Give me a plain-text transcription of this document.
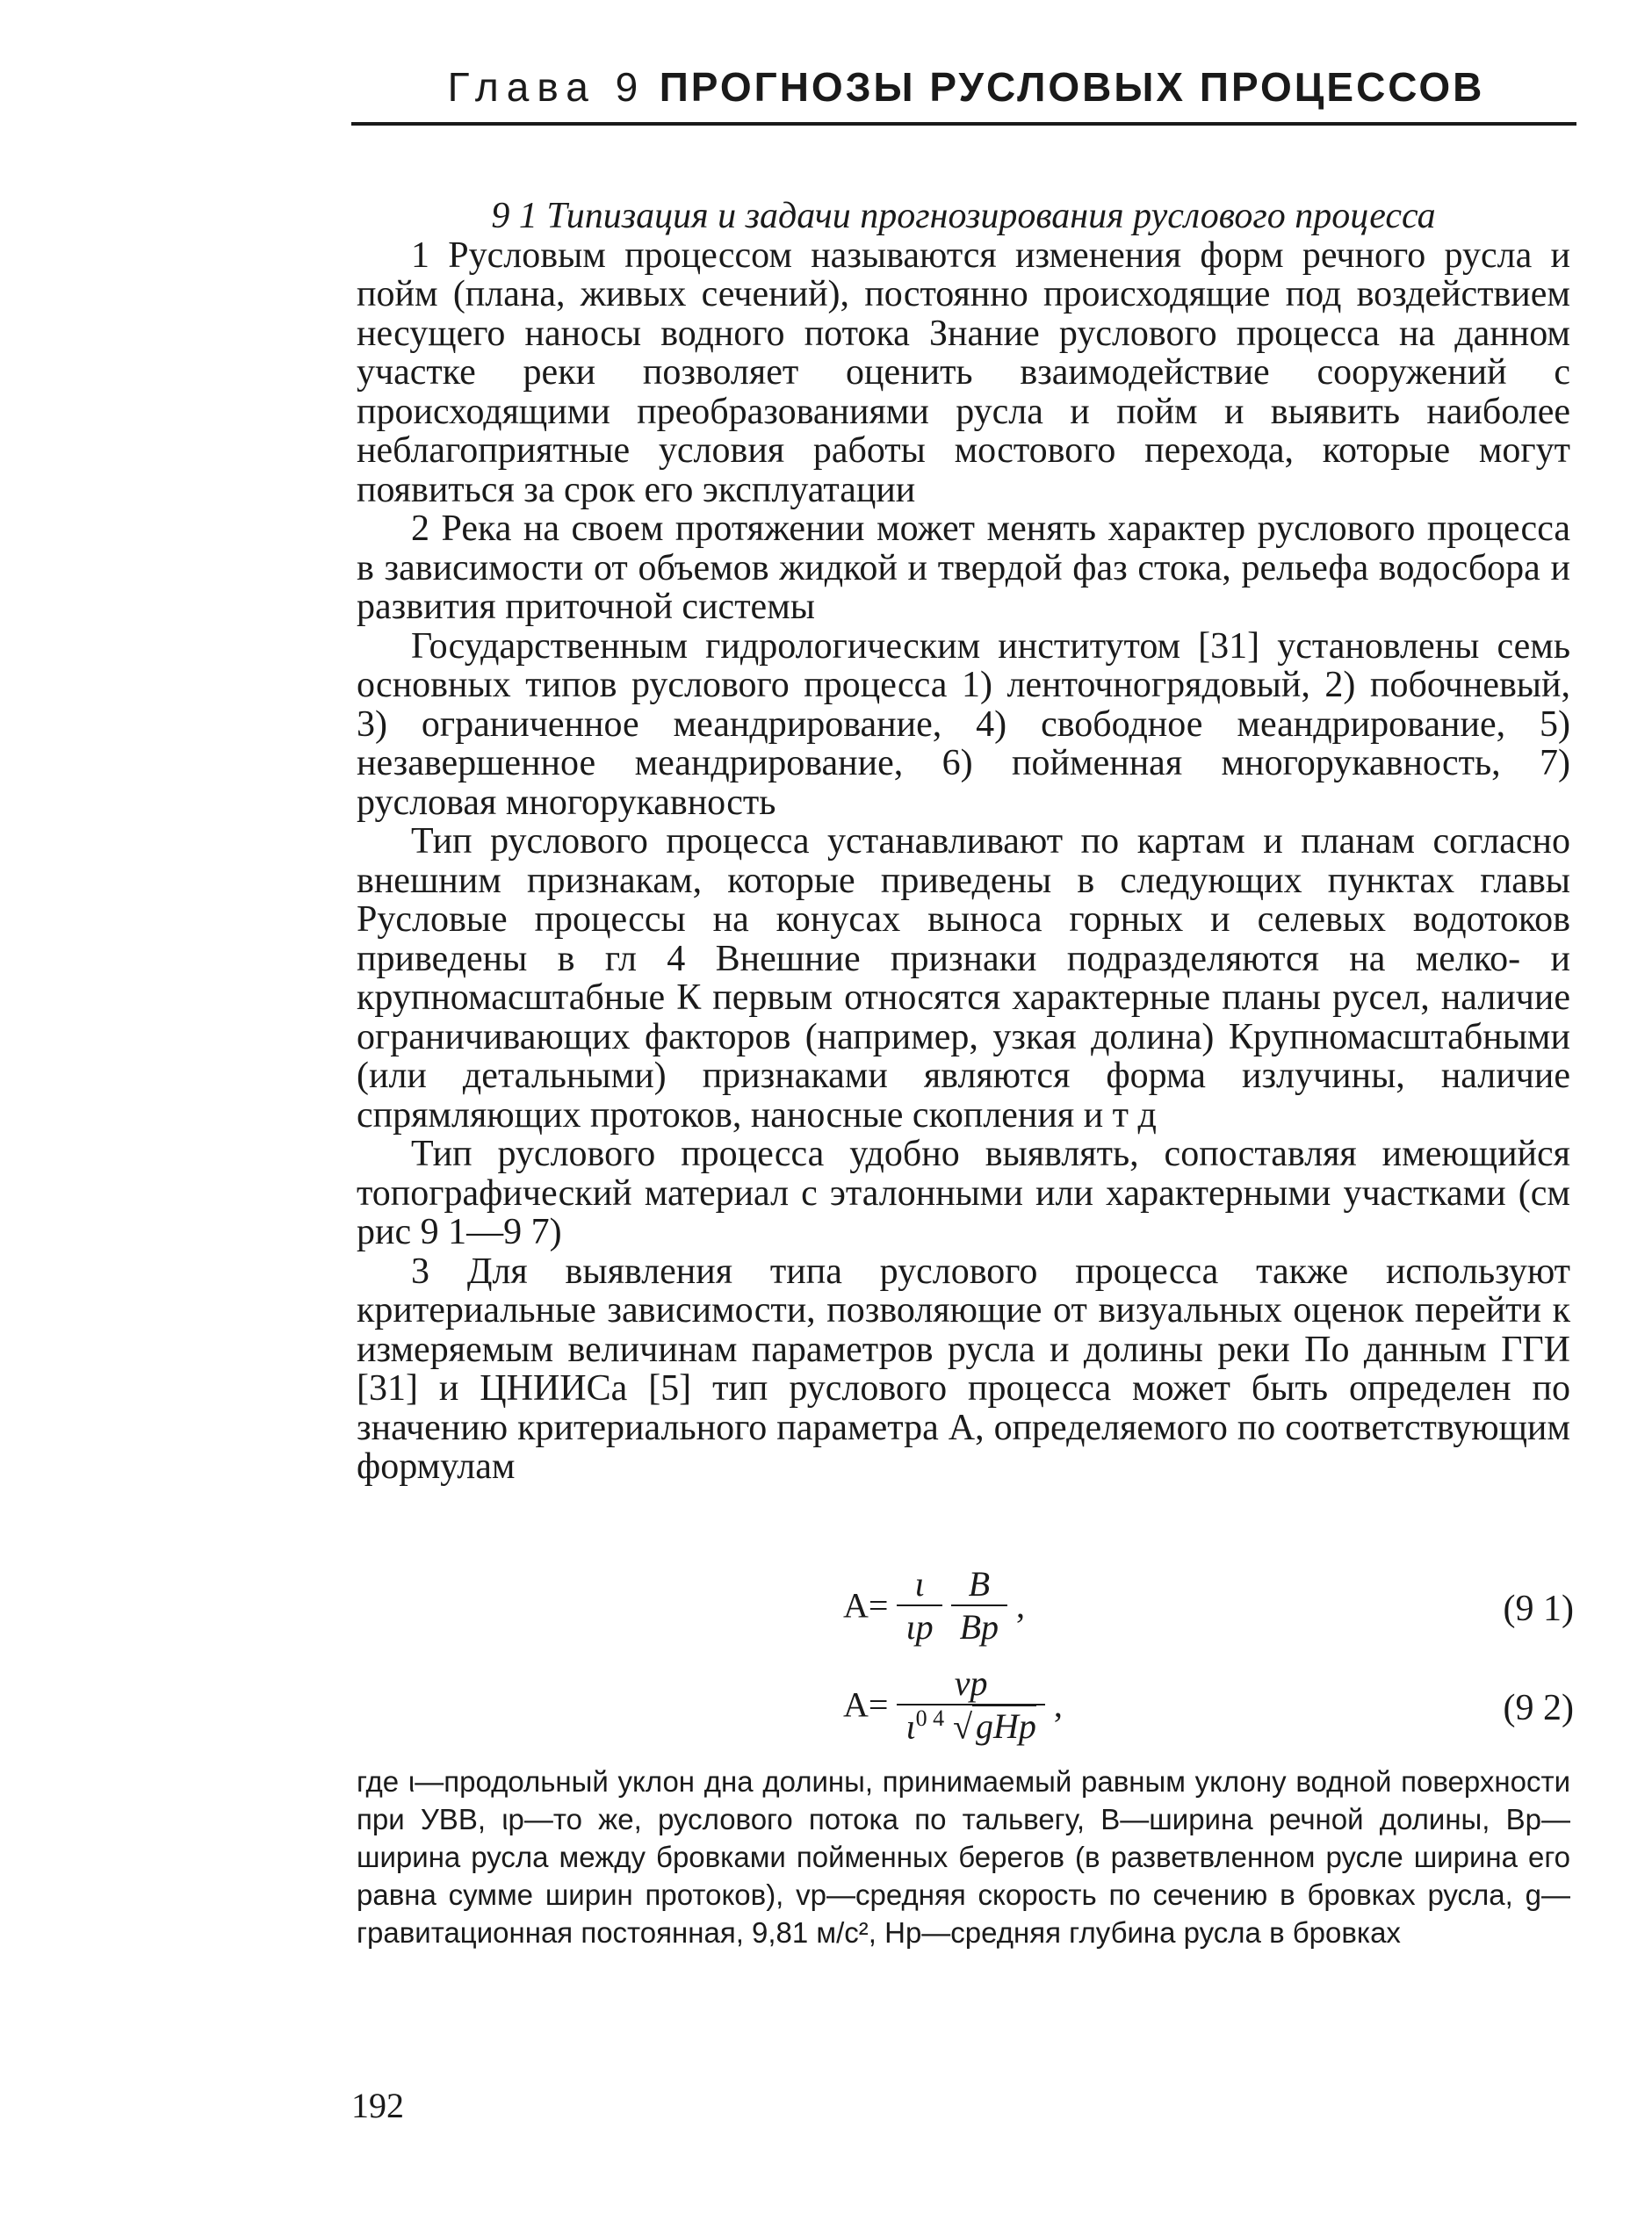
Глава 9 ПРОГНОЗЫ РУСЛОВЫХ ПРОЦЕССОВ

9 1 Типизация и задачи прогнозирования руслового процесса

1 Русловым процессом называются изменения форм речного русла и пойм (плана, живых сечений), постоянно происходящие под воздействием несущего наносы водного потока Знание руслового процесса на данном участке реки позволяет оценить взаимодействие сооружений с происходящими преобразованиями русла и пойм и выявить наиболее неблагоприятные условия работы мостового перехода, которые могут появиться за срок его эксплуатации

2 Река на своем протяжении может менять характер руслового процесса в зависимости от объемов жидкой и твердой фаз стока, рельефа водосбора и развития приточной системы

Государственным гидрологическим институтом [31] установлены семь основных типов руслового процесса 1) ленточногрядовый, 2) побочневый, 3) ограниченное меандрирование, 4) свободное меандрирование, 5) незавершенное меандрирование, 6) пойменная многорукавность, 7) русловая многорукавность

Тип руслового процесса устанавливают по картам и планам согласно внешним признакам, которые приведены в следующих пунктах главы Русловые процессы на конусах выноса горных и селевых водотоков приведены в гл 4 Внешние признаки подразделяются на мелко- и крупномасштабные К первым относятся характерные планы русел, наличие ограничивающих факторов (например, узкая долина) Крупномасштабными (или детальными) признаками являются форма излучины, наличие спрямляющих протоков, наносные скопления и т д

Тип руслового процесса удобно выявлять, сопоставляя имеющийся топографический материал с эталонными или характерными участками (см рис 9 1—9 7)

3 Для выявления типа руслового процесса также используют критериальные зависимости, позволяющие от визуальных оценок перейти к измеряемым величинам параметров русла и долины реки По данным ГГИ [31] и ЦНИИСа [5] тип руслового процесса может быть определен по значению критериального параметра А, определяемого по соответствующим формулам

$A= \frac{\iota}{\iota р}$
$\frac{B}{Bр}$ ,	(9 1)
$A= \frac{vр}{\iota^{0 4} √ gHр}$ ,	(9 2)

где ι—продольный уклон дна долины, принимаемый равным уклону водной поверхности при УВВ, ιр—то же, руслового потока по тальвегу, B—ширина речной долины, Bр—ширина русла между бровками пойменных берегов (в разветвленном русле ширина его равна сумме ширин протоков), vр—средняя скорость по сечению в бровках русла, g—гравитационная постоянная, 9,81 м/с², Hр—средняя глубина русла в бровках

192
